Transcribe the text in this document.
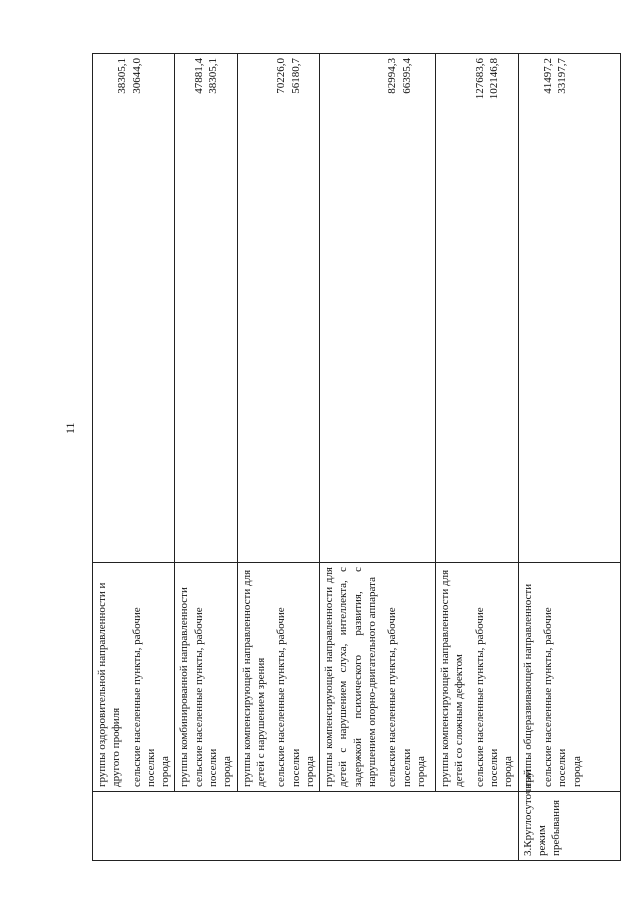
11

	группы оздоровительной направленности и другого профиля сельские населенные пункты, рабочие поселки города	38305,1 30644,0

	группы комбинированной направленности сельские населенные пункты, рабочие поселки города	47881,4 38305,1

	группы компенсирующей направленности для детей с нарушением зрения сельские населенные пункты, рабочие поселки города	70226,0 56180,7

	группы компенсирующей направленности для детей с нарушением слуха, интеллекта, с задержкой психического развития, с нарушением опорно-двигательного аппарата сельские населенные пункты, рабочие поселки города	82994,3 66395,4

	группы компенсирующей направленности для детей со сложным дефектом сельские населенные пункты, рабочие поселки города	127683,6 102146,8

3.Круглосуточный режим пребывания	группы общеразвивающей направленности сельские населенные пункты, рабочие поселки города	41497,2 33197,7
